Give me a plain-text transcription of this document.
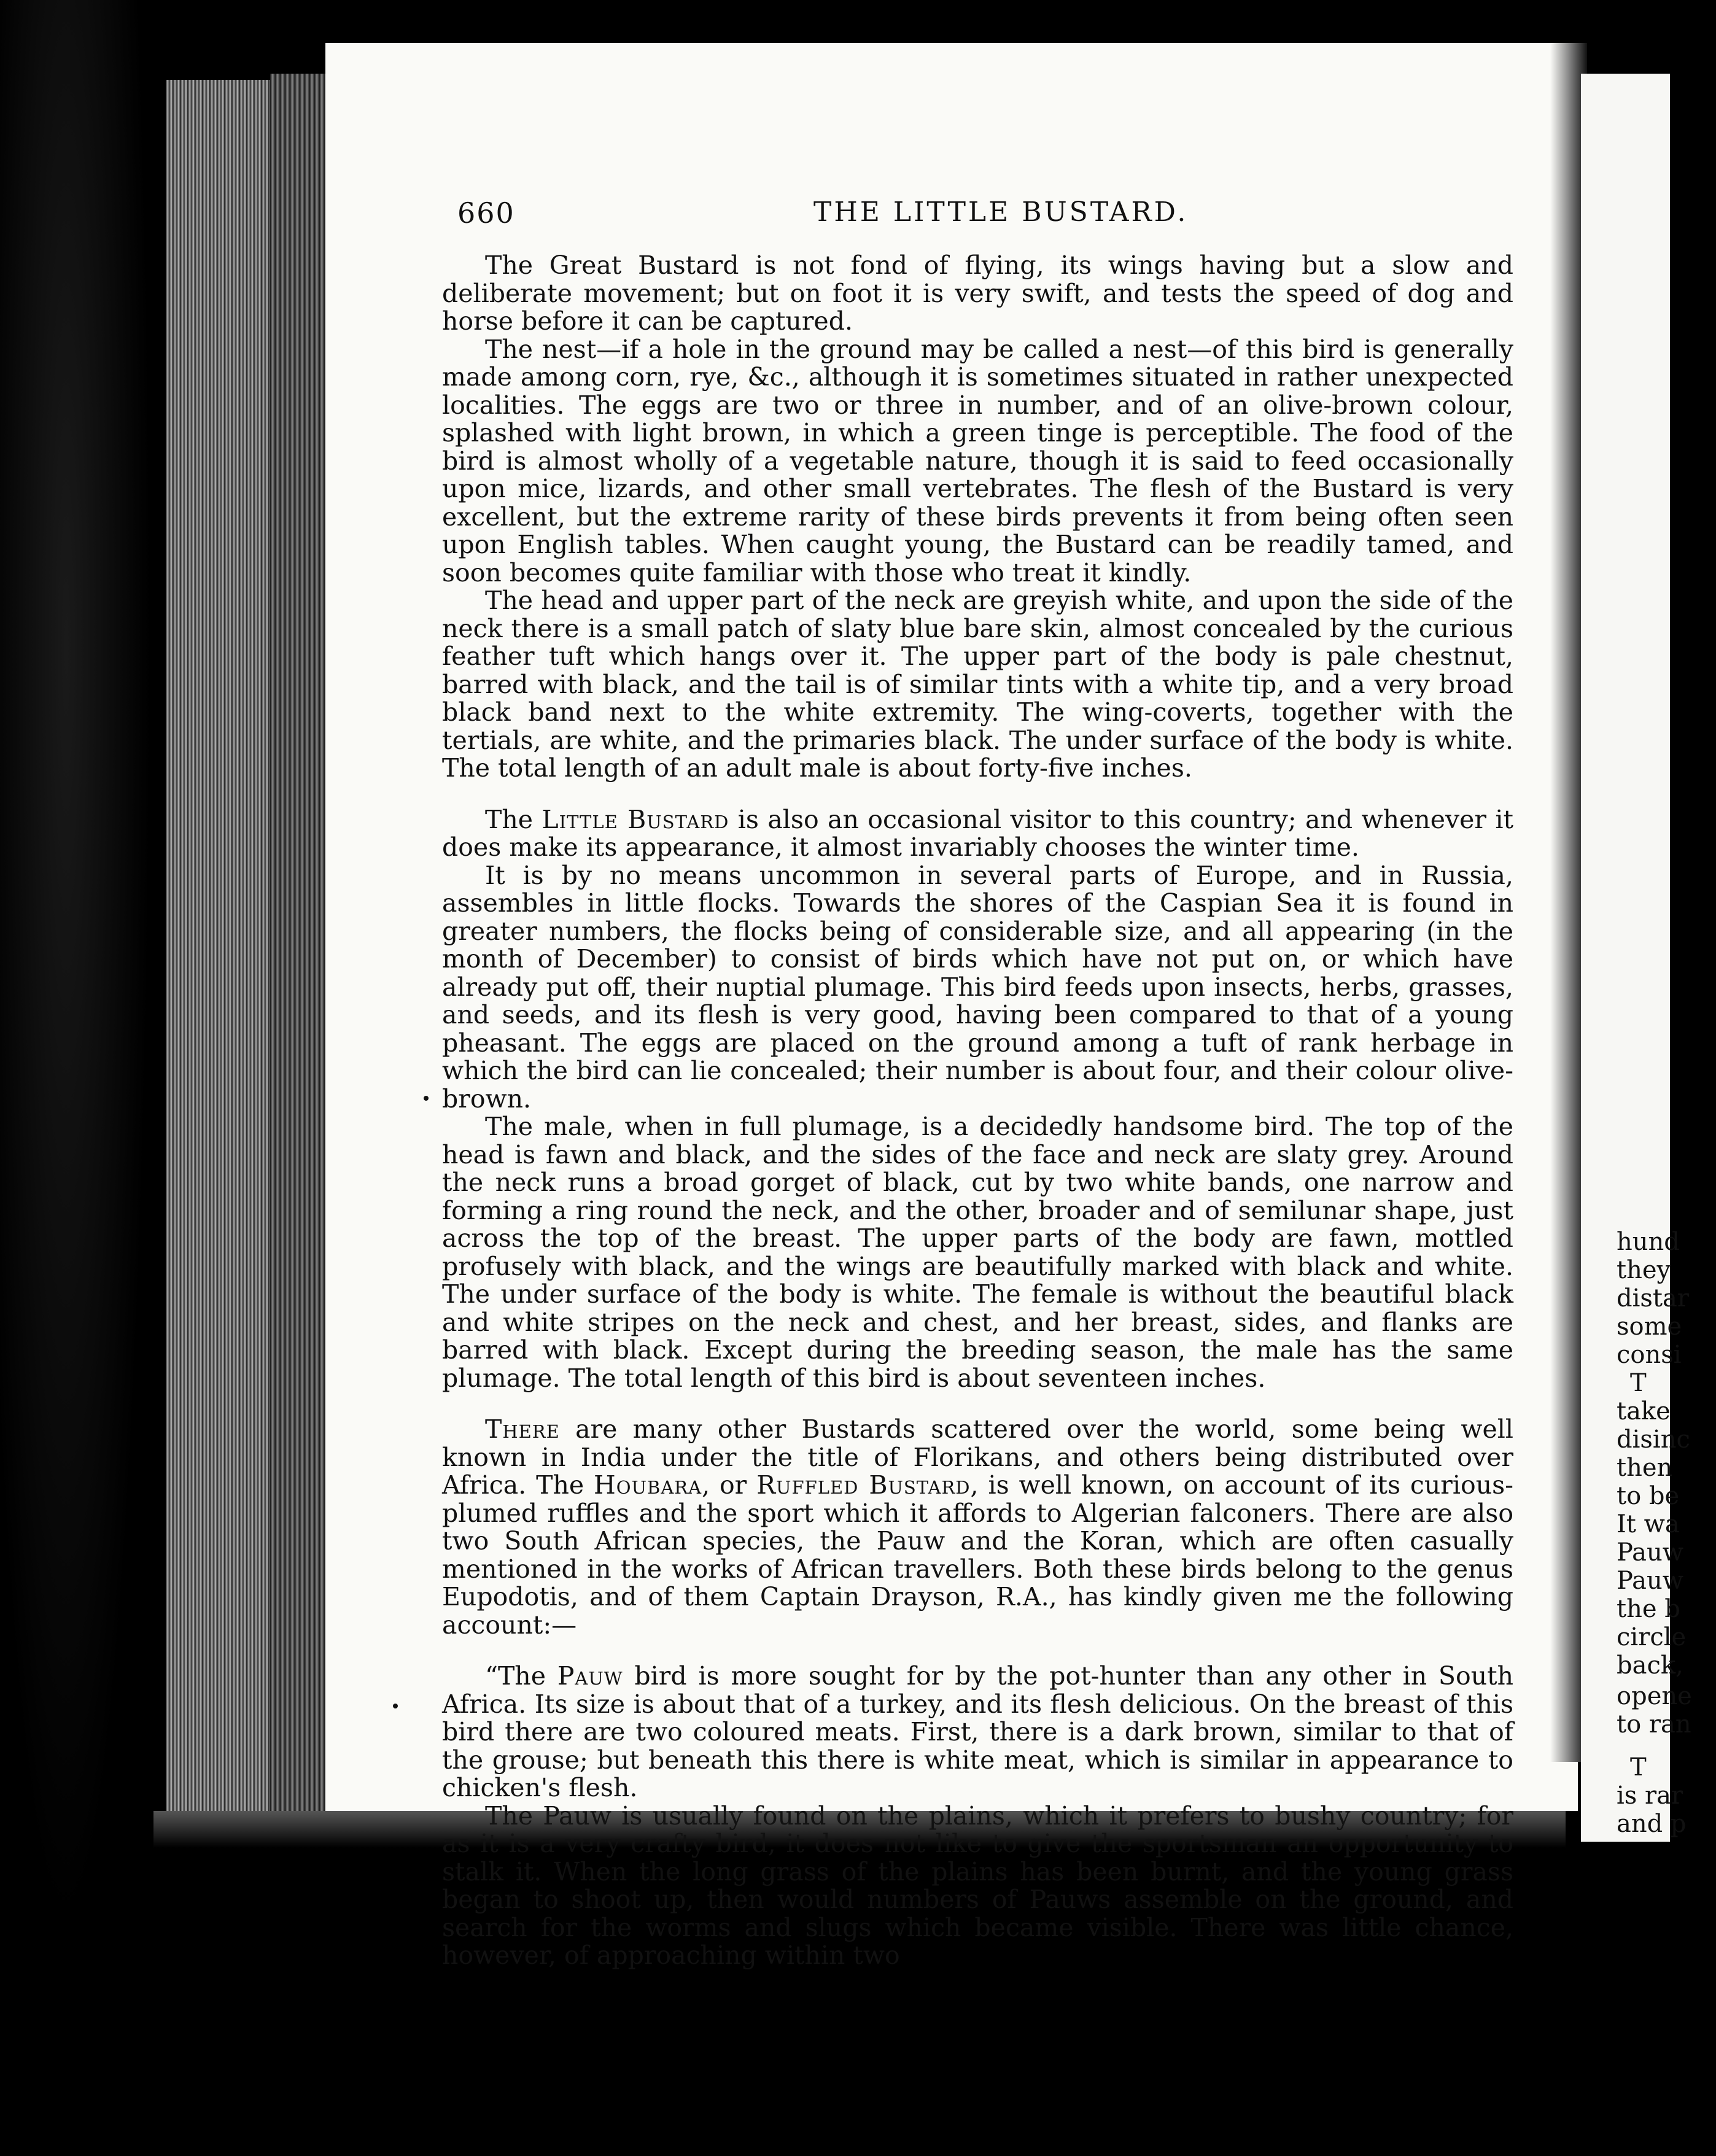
hund
they
distar
some
consi
T
take
disinc
then
to be
It wa
Pauw
Pauw
the b
circle
back,
opene
to ran
T
is rar
and p
660	THE LITTLE BUSTARD.

The Great Bustard is not fond of flying, its wings having but a slow and deliberate movement; but on foot it is very swift, and tests the speed of dog and horse before it can be captured.

The nest—if a hole in the ground may be called a nest—of this bird is generally made among corn, rye, &c., although it is sometimes situated in rather unexpected localities. The eggs are two or three in number, and of an olive-brown colour, splashed with light brown, in which a green tinge is perceptible. The food of the bird is almost wholly of a vegetable nature, though it is said to feed occasionally upon mice, lizards, and other small vertebrates. The flesh of the Bustard is very excellent, but the extreme rarity of these birds prevents it from being often seen upon English tables. When caught young, the Bustard can be readily tamed, and soon becomes quite familiar with those who treat it kindly.

The head and upper part of the neck are greyish white, and upon the side of the neck there is a small patch of slaty blue bare skin, almost concealed by the curious feather tuft which hangs over it. The upper part of the body is pale chestnut, barred with black, and the tail is of similar tints with a white tip, and a very broad black band next to the white extremity. The wing-coverts, together with the tertials, are white, and the primaries black. The under surface of the body is white. The total length of an adult male is about forty-five inches.

The Little Bustard is also an occasional visitor to this country; and whenever it does make its appearance, it almost invariably chooses the winter time.

It is by no means uncommon in several parts of Europe, and in Russia, assembles in little flocks. Towards the shores of the Caspian Sea it is found in greater numbers, the flocks being of considerable size, and all appearing (in the month of December) to consist of birds which have not put on, or which have already put off, their nuptial plumage. This bird feeds upon insects, herbs, grasses, and seeds, and its flesh is very good, having been compared to that of a young pheasant. The eggs are placed on the ground among a tuft of rank herbage in which the bird can lie concealed; their number is about four, and their colour olive-brown.

The male, when in full plumage, is a decidedly handsome bird. The top of the head is fawn and black, and the sides of the face and neck are slaty grey. Around the neck runs a broad gorget of black, cut by two white bands, one narrow and forming a ring round the neck, and the other, broader and of semilunar shape, just across the top of the breast. The upper parts of the body are fawn, mottled profusely with black, and the wings are beautifully marked with black and white. The under surface of the body is white. The female is without the beautiful black and white stripes on the neck and chest, and her breast, sides, and flanks are barred with black. Except during the breeding season, the male has the same plumage. The total length of this bird is about seventeen inches.

There are many other Bustards scattered over the world, some being well known in India under the title of Florikans, and others being distributed over Africa. The Houbara, or Ruffled Bustard, is well known, on account of its curious-plumed ruffles and the sport which it affords to Algerian falconers. There are also two South African species, the Pauw and the Koran, which are often casually mentioned in the works of African travellers. Both these birds belong to the genus Eupodotis, and of them Captain Drayson, R.A., has kindly given me the following account:—

“The Pauw bird is more sought for by the pot-hunter than any other in South Africa. Its size is about that of a turkey, and its flesh delicious. On the breast of this bird there are two coloured meats. First, there is a dark brown, similar to that of the grouse; but beneath this there is white meat, which is similar in appearance to chicken's flesh.

The Pauw is usually found on the plains, which it prefers to bushy country; for as it is a very crafty bird, it does not like to give the sportsman an opportunity to stalk it. When the long grass of the plains has been burnt, and the young grass began to shoot up, then would numbers of Pauws assemble on the ground, and search for the worms and slugs which became visible. There was little chance, however, of approaching within two
